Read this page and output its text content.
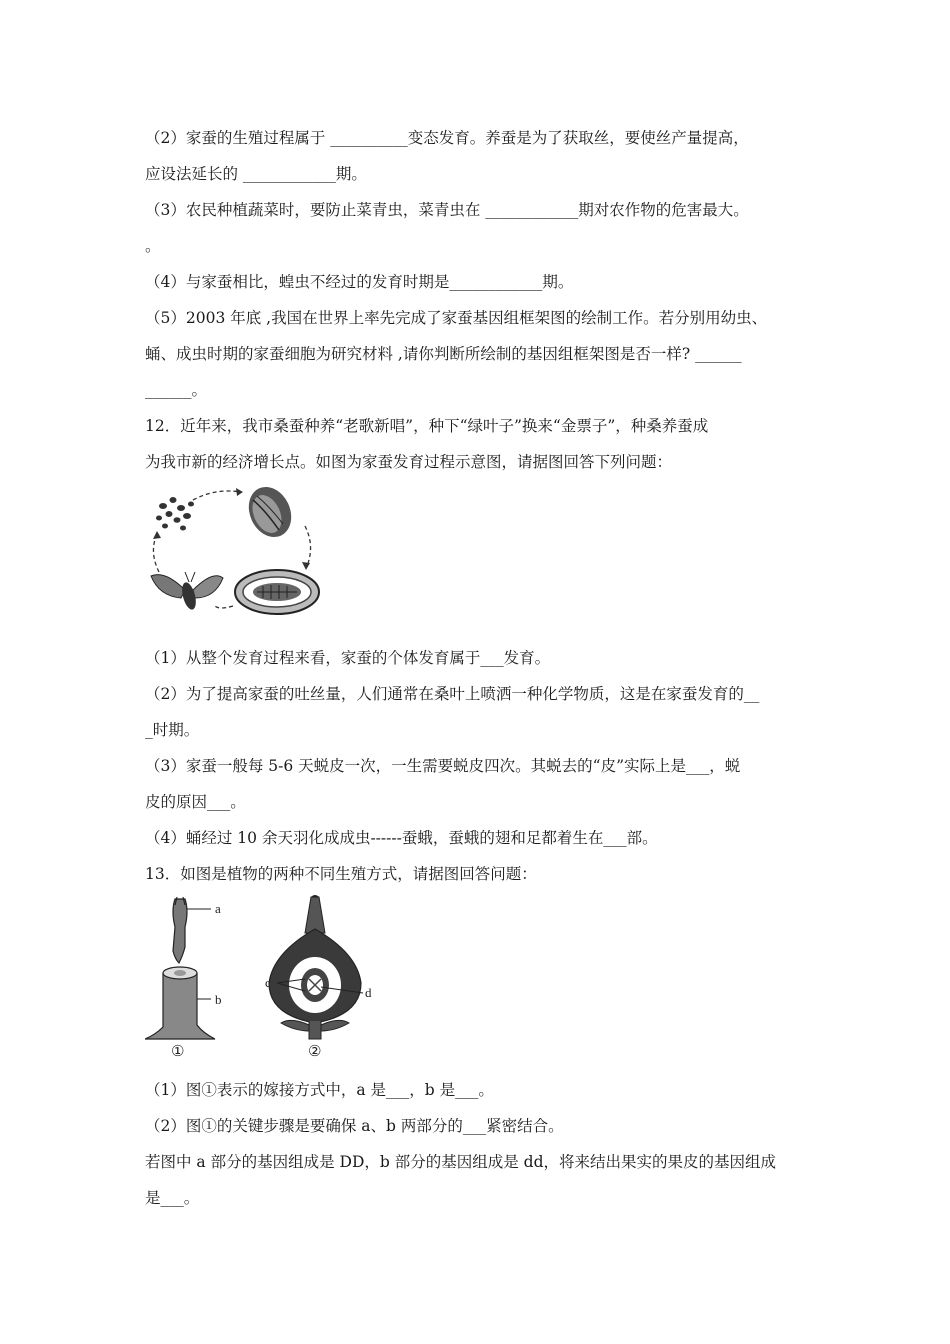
（2）家蚕的生殖过程属于 __________变态发育。养蚕是为了获取丝，要使丝产量提高，
应设法延长的 ____________期。
（3）农民种植蔬菜时，要防止菜青虫，菜青虫在 ____________期对农作物的危害最大。
。
（4）与家蚕相比，蝗虫不经过的发育时期是____________期。
（5）2003 年底 ,我国在世界上率先完成了家蚕基因组框架图的绘制工作。若分别用幼虫、
蛹、成虫时期的家蚕细胞为研究材料 ,请你判断所绘制的基因组框架图是否一样? ______
______。
12．近年来，我市桑蚕种养“老歌新唱”，种下“绿叶子”换来“金票子”，种桑养蚕成
为我市新的经济增长点。如图为家蚕发育过程示意图，请据图回答下列问题：
（1）从整个发育过程来看，家蚕的个体发育属于___发育。
（2）为了提高家蚕的吐丝量，人们通常在桑叶上喷洒一种化学物质，这是在家蚕发育的__
_时期。
（3）家蚕一般每 5-6 天蜕皮一次，一生需要蜕皮四次。其蜕去的“皮”实际上是___，蜕
皮的原因___。
（4）蛹经过 10 余天羽化成成虫------蚕蛾，蚕蛾的翅和足都着生在___部。
13．如图是植物的两种不同生殖方式，请据图回答问题：
a
b
①
c
d
②
（1）图①表示的嫁接方式中，a 是___，b 是___。
（2）图①的关键步骤是要确保 a、b 两部分的___紧密结合。
若图中 a 部分的基因组成是 DD，b 部分的基因组成是 dd，将来结出果实的果皮的基因组成
是___。
